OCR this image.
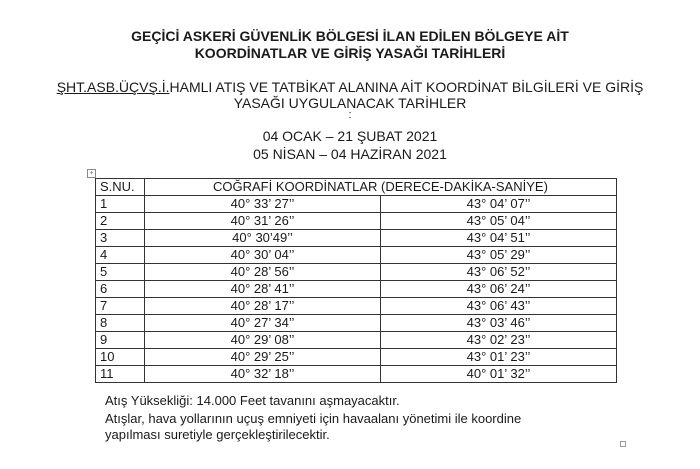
GEÇİCİ ASKERİ GÜVENLİK BÖLGESİ İLAN EDİLEN BÖLGEYE AİT
KOORDİNATLAR VE GİRİŞ YASAĞI TARİHLERİ
ŞHT.ASB.ÜÇVŞ.İ.HAMLI ATIŞ VE TATBİKAT ALANINA AİT KOORDİNAT BİLGİLERİ VE GİRİŞ
YASAĞI UYGULANACAK TARİHLER
:
04 OCAK – 21 ŞUBAT 2021
05 NİSAN – 04 HAZİRAN 2021
+
S.NU.	COĞRAFİ KOORDİNATLAR (DERECE-DAKİKA-SANİYE)	
1	40° 33’ 27’’	43° 04’ 07’’
2	40° 31’ 26’’	43° 05’ 04’’
3	40° 30’49’’	43° 04’ 51’’
4	40° 30’ 04’’	43° 05’ 29’’
5	40° 28’ 56’’	43° 06’ 52’’
6	40° 28’ 41’’	43° 06’ 24’’
7	40° 28’ 17’’	43° 06’ 43’’
8	40° 27’ 34’’	43° 03’ 46’’
9	40° 29’ 08’’	43° 02’ 23’’
10	40° 29’ 25’’	43° 01’ 23’’
11	40° 32’ 18’’	40° 01’ 32’’

Atış Yüksekliği: 14.000 Feet tavanını aşmayacaktır.

Atışlar, hava yollarının uçuş emniyeti için havaalanı yönetimi ile koordine

yapılması suretiyle gerçekleştirilecektir.
